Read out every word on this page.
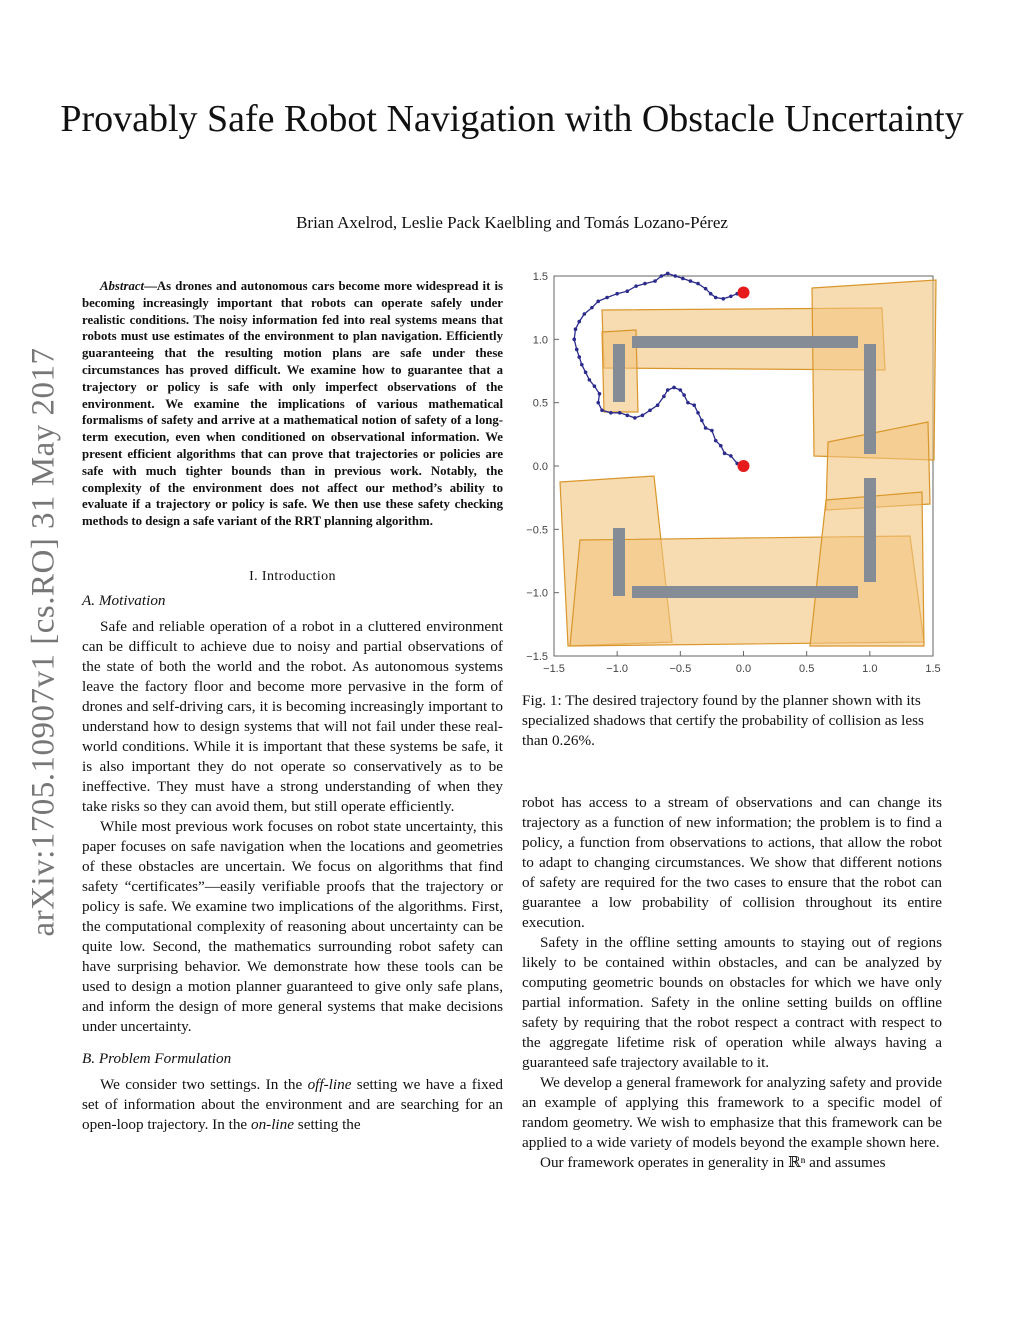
Provably Safe Robot Navigation with Obstacle Uncertainty
Brian Axelrod, Leslie Pack Kaelbling and Tomás Lozano-Pérez
arXiv:1705.10907v1 [cs.RO] 31 May 2017

Abstract—As drones and autonomous cars become more widespread it is becoming increasingly important that robots can operate safely under realistic conditions. The noisy information fed into real systems means that robots must use estimates of the environment to plan navigation. Efficiently guaranteeing that the resulting motion plans are safe under these circumstances has proved difficult. We examine how to guarantee that a trajectory or policy is safe with only imperfect observations of the environment. We examine the implications of various mathematical formalisms of safety and arrive at a mathematical notion of safety of a long-term execution, even when conditioned on observational information. We present efficient algorithms that can prove that trajectories or policies are safe with much tighter bounds than in previous work. Notably, the complexity of the environment does not affect our method’s ability to evaluate if a trajectory or policy is safe. We then use these safety checking methods to design a safe variant of the RRT planning algorithm.

I. Introduction
A. Motivation

Safe and reliable operation of a robot in a cluttered environment can be difficult to achieve due to noisy and partial observations of the state of both the world and the robot. As autonomous systems leave the factory floor and become more pervasive in the form of drones and self-driving cars, it is becoming increasingly important to understand how to design systems that will not fail under these real-world conditions. While it is important that these systems be safe, it is also important they do not operate so conservatively as to be ineffective. They must have a strong understanding of when they take risks so they can avoid them, but still operate efficiently.

While most previous work focuses on robot state uncertainty, this paper focuses on safe navigation when the locations and geometries of these obstacles are uncertain. We focus on algorithms that find safety “certificates”—easily verifiable proofs that the trajectory or policy is safe. We examine two implications of the algorithms. First, the computational complexity of reasoning about uncertainty can be quite low. Second, the mathematics surrounding robot safety can have surprising behavior. We demonstrate how these tools can be used to design a motion planner guaranteed to give only safe plans, and inform the design of more general systems that make decisions under uncertainty.

B. Problem Formulation

We consider two settings. In the off-line setting we have a fixed set of information about the environment and are searching for an open-loop trajectory. In the on-line setting the

−1.5	−1.0	−0.5	0.0	0.5	1.0	1.5
1.5
1.0
0.5
0.0
−0.5
−1.0
−1.5
Fig. 1: The desired trajectory found by the planner shown with its specialized shadows that certify the probability of collision as less than 0.26%.

robot has access to a stream of observations and can change its trajectory as a function of new information; the problem is to find a policy, a function from observations to actions, that allow the robot to adapt to changing circumstances. We show that different notions of safety are required for the two cases to ensure that the robot can guarantee a low probability of collision throughout its entire execution.

Safety in the offline setting amounts to staying out of regions likely to be contained within obstacles, and can be analyzed by computing geometric bounds on obstacles for which we have only partial information. Safety in the online setting builds on offline safety by requiring that the robot respect a contract with respect to the aggregate lifetime risk of operation while always having a guaranteed safe trajectory available to it.

We develop a general framework for analyzing safety and provide an example of applying this framework to a specific model of random geometry. We wish to emphasize that this framework can be applied to a wide variety of models beyond the example shown here.

Our framework operates in generality in ℝⁿ and assumes
